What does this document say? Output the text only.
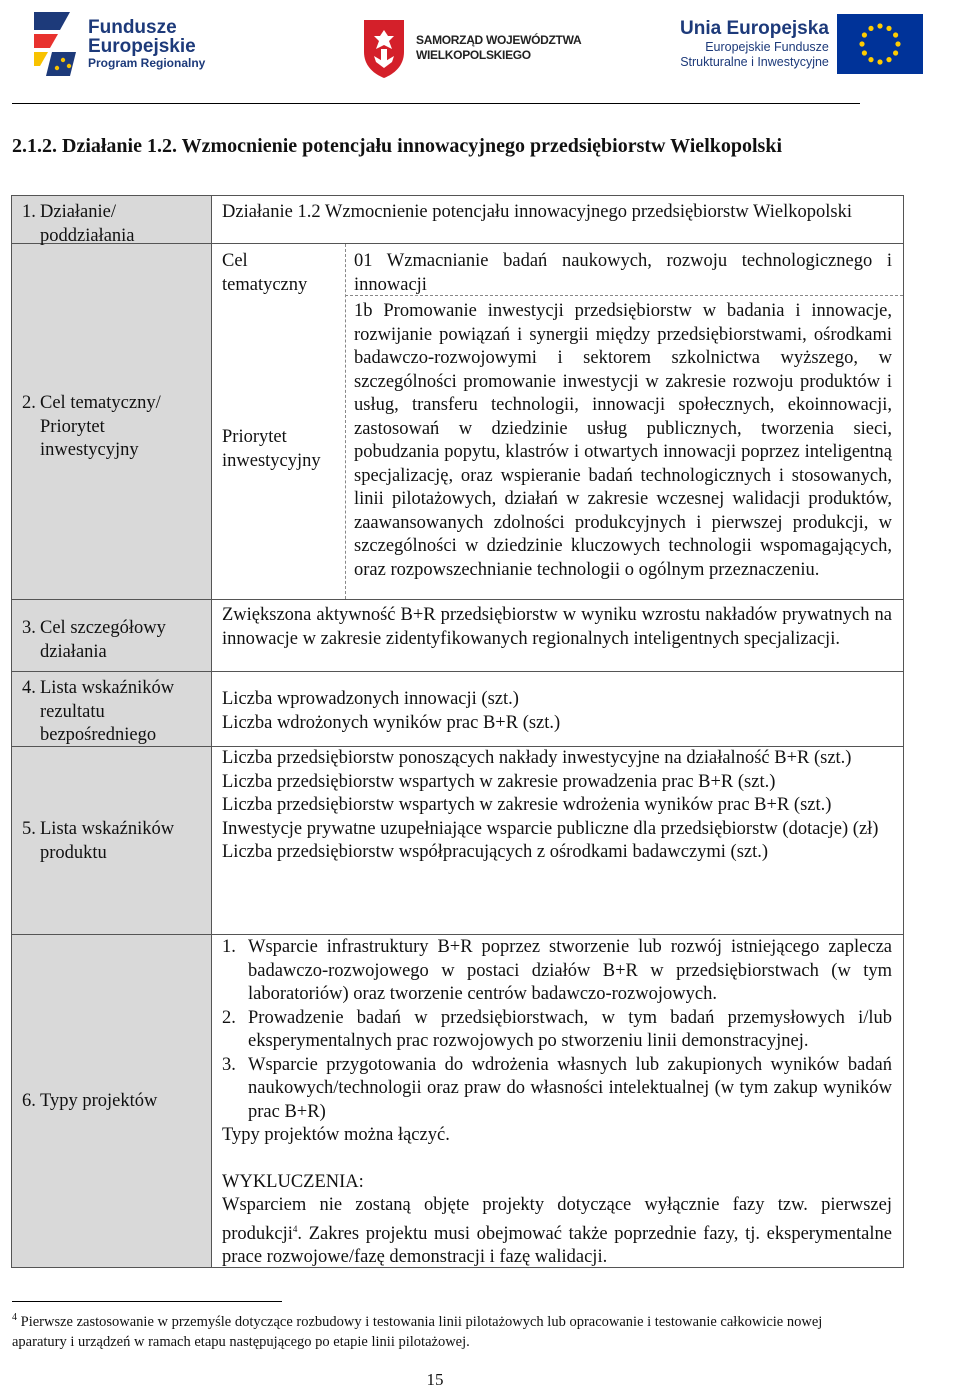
Fundusze
Europejskie
Program Regionalny
SAMORZĄD WOJEWÓDZTWA
WIELKOPOLSKIEGO
Unia Europejska
Europejskie Fundusze
Strukturalne i Inwestycyjne
2.1.2. Działanie 1.2. Wzmocnienie potencjału innowacyjnego przedsiębiorstw Wielkopolski
1. Działanie/
poddziałania
2. Cel tematyczny/
Priorytet
inwestycyjny
3. Cel szczegółowy
działania
4. Lista wskaźników
rezultatu
bezpośredniego
5. Lista wskaźników
produktu
6. Typy projektów
Działanie 1.2 Wzmocnienie potencjału innowacyjnego przedsiębiorstw Wielkopolski
Cel tematyczny
01 Wzmacnianie badań naukowych, rozwoju technologicznego i innowacji
Priorytet inwestycyjny
1b Promowanie inwestycji przedsiębiorstw w badania i innowacje, rozwijanie powiązań i synergii między przedsiębiorstwami, ośrodkami badawczo-rozwojowymi i sektorem szkolnictwa wyższego, w szczególności promowanie inwestycji w zakresie rozwoju produktów i usług, transferu technologii, innowacji społecznych, ekoinnowacji, zastosowań w dziedzinie usług publicznych, tworzenia sieci, pobudzania popytu, klastrów i otwartych innowacji poprzez inteligentną specjalizację, oraz wspieranie badań technologicznych i stosowanych, linii pilotażowych, działań w zakresie wczesnej walidacji produktów, zaawansowanych zdolności produkcyjnych i pierwszej produkcji, w szczególności w dziedzinie kluczowych technologii wspomagających, oraz rozpowszechnianie technologii o ogólnym przeznaczeniu.
Zwiększona aktywność B+R przedsiębiorstw w wyniku wzrostu nakładów prywatnych na innowacje w zakresie zidentyfikowanych regionalnych inteligentnych specjalizacji.
Liczba wprowadzonych innowacji (szt.)
Liczba wdrożonych wyników prac B+R (szt.)
Liczba przedsiębiorstw ponoszących nakłady inwestycyjne na działalność B+R (szt.)
Liczba przedsiębiorstw wspartych w zakresie prowadzenia prac B+R (szt.)
Liczba przedsiębiorstw wspartych w zakresie wdrożenia wyników prac B+R (szt.)
Inwestycje prywatne uzupełniające wsparcie publiczne dla przedsiębiorstw (dotacje) (zł)
Liczba przedsiębiorstw współpracujących z ośrodkami badawczymi (szt.)
1. Wsparcie infrastruktury B+R poprzez stworzenie lub rozwój istniejącego zaplecza badawczo-rozwojowego w postaci działów B+R w przedsiębiorstwach (w tym laboratoriów) oraz tworzenie centrów badawczo-rozwojowych.
2. Prowadzenie badań w przedsiębiorstwach, w tym badań przemysłowych i/lub eksperymentalnych prac rozwojowych po stworzeniu linii demonstracyjnej.
3. Wsparcie przygotowania do wdrożenia własnych lub zakupionych wyników badań naukowych/technologii oraz praw do własności intelektualnej (w tym zakup wyników prac B+R)
Typy projektów można łączyć.
WYKLUCZENIA:
Wsparciem nie zostaną objęte projekty dotyczące wyłącznie fazy tzw. pierwszej produkcji$^4$. Zakres projektu musi obejmować także poprzednie fazy, tj. eksperymentalne prace rozwojowe/fazę demonstracji i fazę walidacji.
$^4$ Pierwsze zastosowanie w przemyśle dotyczące rozbudowy i testowania linii pilotażowych lub opracowanie i testowanie całkowicie nowej aparatury i urządzeń w ramach etapu następującego po etapie linii pilotażowej.
15
